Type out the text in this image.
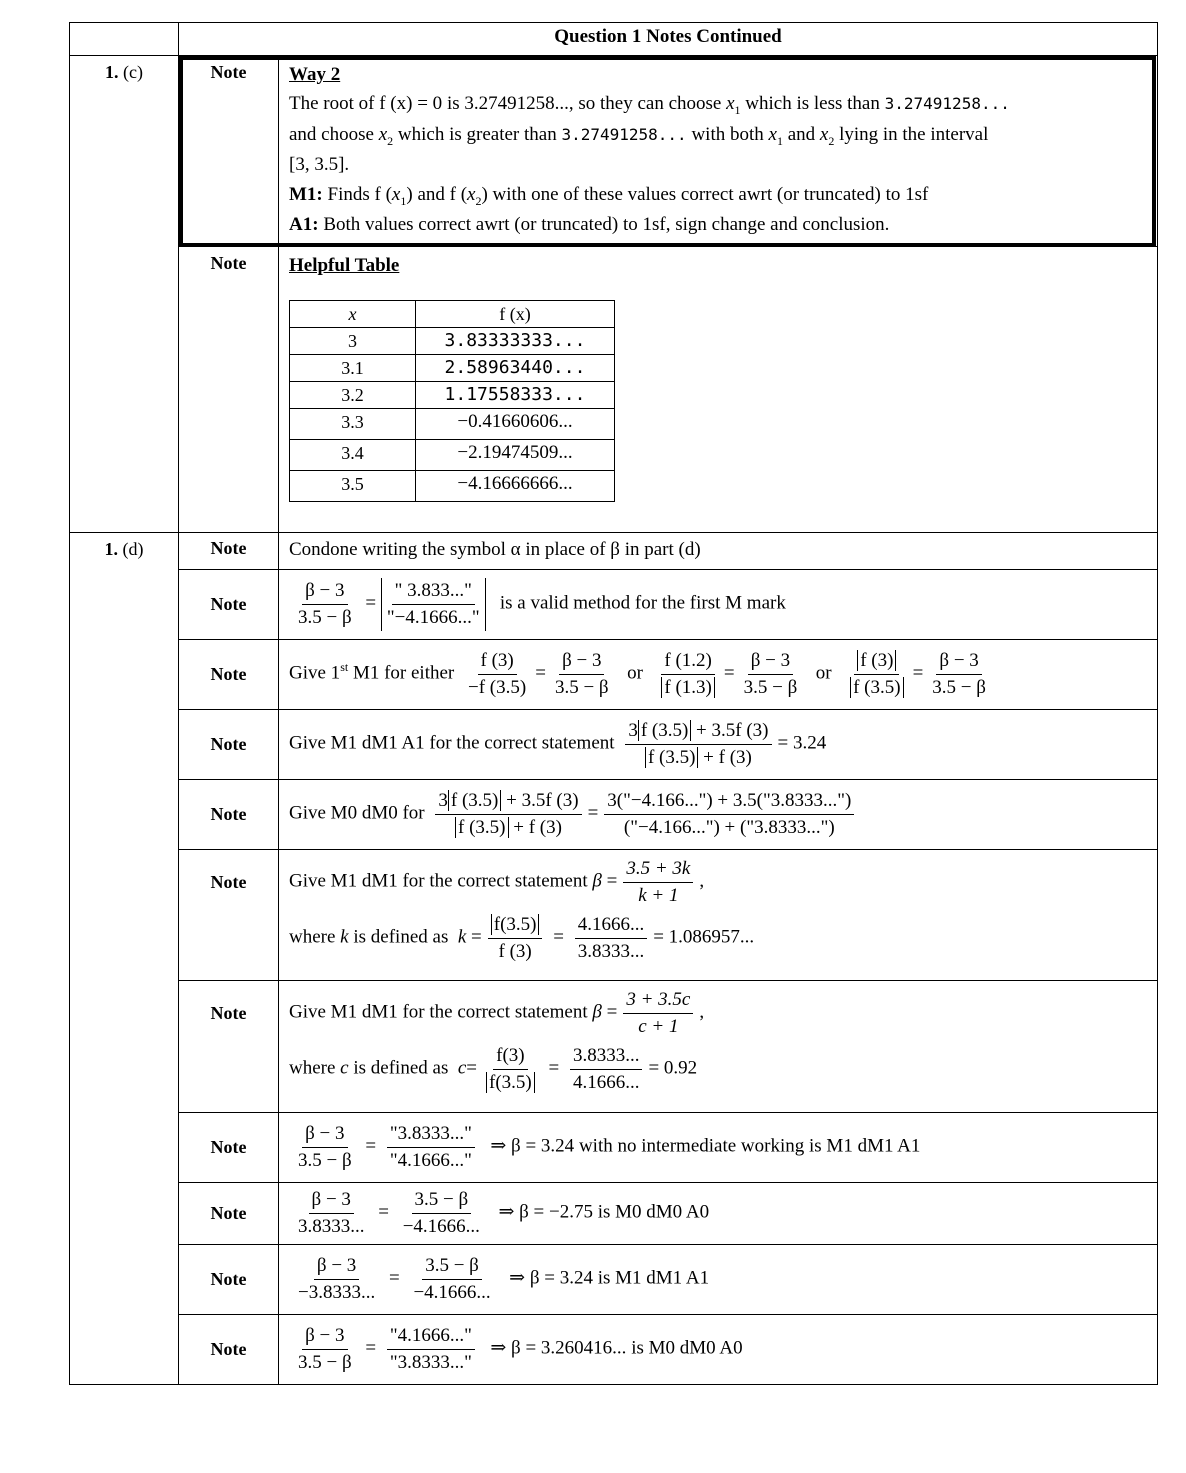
	Question 1 Notes Continued
1. (c)	Note	Way 2
The root of f (x) = 0 is 3.27491258..., so they can choose $x_1$ which is less than 3.27491258...
and choose $x_2$ which is greater than 3.27491258... with both $x_1$ and $x_2$ lying in the interval
[3, 3.5].
M1: Finds f $(x_1)$ and f $(x_2)$ with one of these values correct awrt (or truncated) to 1sf
A1: Both values correct awrt (or truncated) to 1sf, sign change and conclusion.

Note	Helpful Table
x	f (x)
3	3.83333333...
3.1	2.58963440...
3.2	1.17558333...
3.3	−0.41660606...
3.4	−2.19474509...
3.5	−4.16666666...

1. (d)	Note	Condone writing the symbol α in place of β in part (d)
Note	$\frac{\beta - 3}{3.5 - \beta} = \frac{" 3.833..."}{"-4.1666..."}$ is a valid method for the first M mark
Note	Give 1st M1 for either $\frac{f (3)}{-f (3.5)} = \frac{\beta - 3}{3.5 - \beta}$ or $\frac{f (1.2)}{f (1.3)} = \frac{\beta - 3}{3.5 - \beta}$ or $\frac{f (3)}{f (3.5)} = \frac{\beta - 3}{3.5 - \beta}$

Note	Give M1 dM1 A1 for the correct statement $\frac{3 f (3.5) + 3.5f (3)}{f (3.5) + f (3)} = 3.24$
Note	Give M0 dM0 for $\frac{3 f (3.5) + 3.5f (3)}{f (3.5) + f (3)} = \frac{3("-4.166...") + 3.5("3.8333...")}{("-4.166...") + ("3.8333...")}$

Note	Give M1 dM1 for the correct statement $\beta = \frac{3.5 + 3k}{k + 1}$ ,
where k is defined as $k = \frac{f(3.5)}{f (3)} = \frac{4.1666...}{3.8333...} = 1.086957$...

Note	Give M1 dM1 for the correct statement $\beta = \frac{3 + 3.5c}{c + 1}$ ,
where c is defined as $c= \frac{f(3)}{f(3.5)} = \frac{3.8333...}{4.1666...} = 0.92$

Note	$\frac{\beta - 3}{3.5 - \beta} = \frac{"3.8333..."}{"4.1666..."}$ ⇒ β = 3.24 with no intermediate working is M1 dM1 A1
Note	$\frac{\beta - 3}{3.8333...} = \frac{3.5 - \beta}{-4.1666...}$ ⇒ β = −2.75 is M0 dM0 A0
Note	$\frac{\beta - 3}{-3.8333...} = \frac{3.5 - \beta}{-4.1666...}$ ⇒ β = 3.24 is M1 dM1 A1
Note	$\frac{\beta - 3}{3.5 - \beta} = \frac{"4.1666..."}{"3.8333..."}$ ⇒ β = 3.260416... is M0 dM0 A0
